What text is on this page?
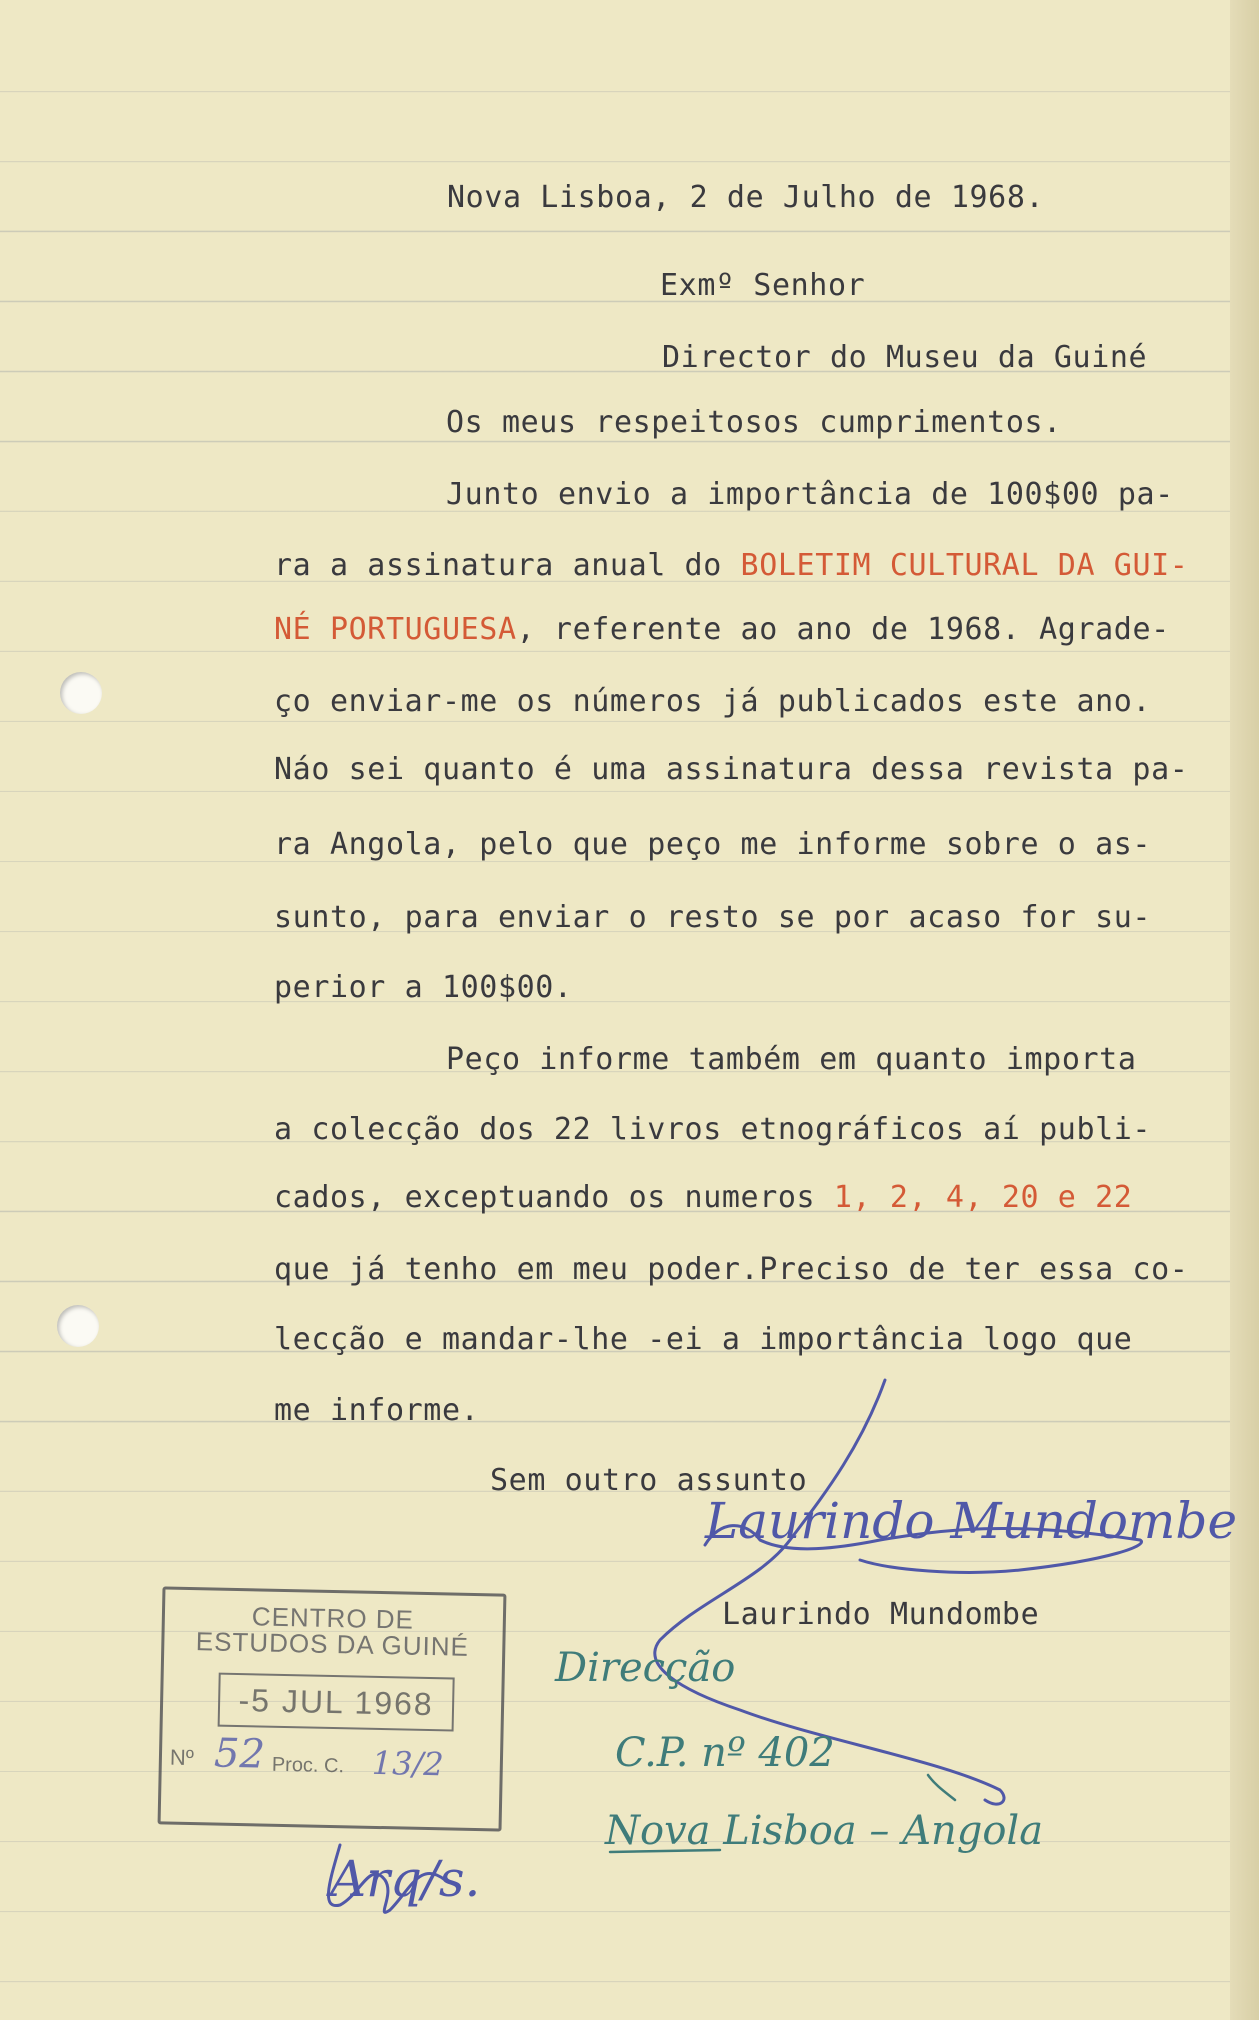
Nova Lisboa, 2 de Julho de 1968.
Exmº Senhor
Director do Museu da Guiné
Os meus respeitosos cumprimentos.
Junto envio a importância de 100$00 pa-
ra a assinatura anual do BOLETIM CULTURAL DA GUI-
NÉ PORTUGUESA, referente ao ano de 1968. Agrade-
ço enviar-me os números já publicados este ano.
Náo sei quanto é uma assinatura dessa revista pa-
ra Angola, pelo que peço me informe sobre o as-
sunto, para enviar o resto se por acaso for su-
perior a 100$00.
Peço informe também em quanto importa
a colecção dos 22 livros etnográficos aí publi-
cados, exceptuando os numeros 1, 2, 4, 20 e 22
que já tenho em meu poder.Preciso de ter essa co-
lecção e mandar-lhe -ei a importância logo que
me informe.
Sem outro assunto
Laurindo Mundombe
CENTRO DE ESTUDOS DA GUINÉ
-5 JUL 1968
Nº 52 Proc. C. 13/2
Laurindo Mundombe
Direcção
C.P. nº 402
Nova Lisboa – Angola
Arq/s.
